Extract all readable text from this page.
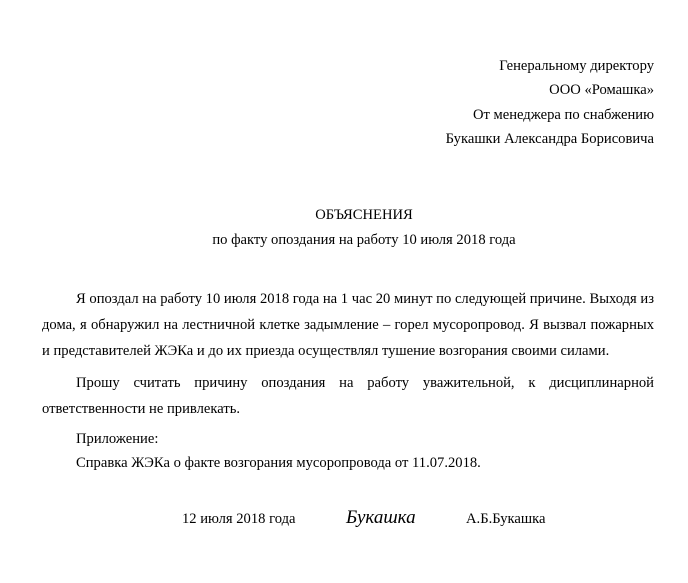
Генеральному директору
ООО «Ромашка»
От менеджера по снабжению
Букашки Александра Борисовича
ОБЪЯСНЕНИЯ
по факту опоздания на работу 10 июля 2018 года
Я опоздал на работу 10 июля 2018 года на 1 час 20 минут по следующей причине. Выходя из дома, я обнаружил на лестничной клетке задымление – горел мусоропровод. Я вызвал пожарных и представителей ЖЭКа и до их приезда осуществлял тушение возгорания своими силами.
Прошу считать причину опоздания на работу уважительной, к дисциплинарной ответственности не привлекать.
Приложение:
Справка ЖЭКа о факте возгорания мусоропровода от 11.07.2018.
12 июля 2018 года	Букашка	А.Б.Букашка
